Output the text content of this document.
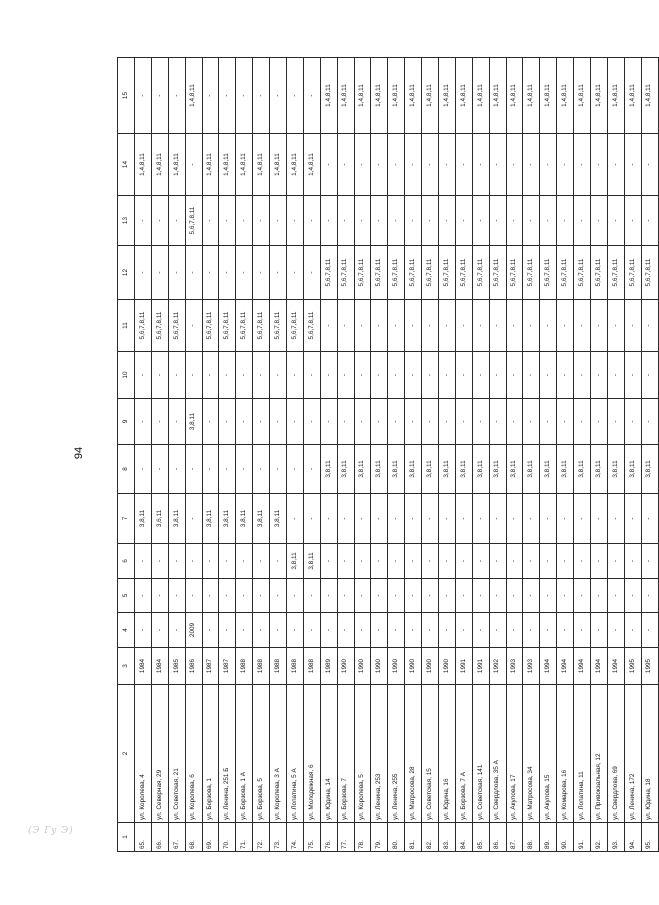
94
(Э Гу Э)
1	2	3	4	5	6	7	8	9	10	11	12	13	14	15
65.	ул. Королева, 4	1984	-	-	-	3,8,11	-	-	-	5,6,7,8,11	-	-	1,4,8,11	-
66.	ул. Северная, 29	1984	-	-	-	3,6,11	-	-	-	5,6,7,8,11	-	-	1,4,8,11	-
67.	ул. Советская, 21	1985	-	-	-	3,8,11	-	-	-	5,6,7,8,11	-	-	1,4,8,11	-
68.	ул. Королева, 6	1986	2009	-	-	-	-	3,8,11	-	-	-	5,6,7,8,11	-	1,4,8,11
69.	ул. Борзова, 1	1987	-	-	-	3,8,11	-	-	-	5,6,7,8,11	-	-	1,4,8,11	-
70.	ул. Ленина, 251 Б	1987	-	-	-	3,8,11	-	-	-	5,6,7,8,11	-	-	1,4,8,11	-
71.	ул. Борзова, 1 А	1988	-	-	-	3,8,11	-	-	-	5,6,7,8,11	-	-	1,4,8,11	-
72.	ул. Борзова, 5	1988	-	-	-	3,8,11	-	-	-	5,6,7,8,11	-	-	1,4,8,11	-
73.	ул. Королева, 3 А	1988	-	-	-	3,8,11	-	-	-	5,6,7,8,11	-	-	1,4,8,11	-
74.	ул. Лопатина, 5 А	1988	-	-	3,8,11	-	-	-	-	5,6,7,8,11	-	-	1,4,8,11	-
75.	ул. Молодежная, 6	1988	-	-	3,8,11	-	-	-	-	5,6,7,8,11	-	-	1,4,8,11	-
76.	ул. Юдина, 14	1989	-	-	-	-	3,8,11	-	-	-	5,6,7,8,11	-	-	1,4,8,11
77.	ул. Борзова, 7	1990	-	-	-	-	3,8,11	-	-	-	5,6,7,8,11	-	-	1,4,8,11
78.	ул. Королева, 5	1990	-	-	-	-	3,8,11	-	-	-	5,6,7,8,11	-	-	1,4,8,11
79.	ул. Ленина, 253	1990	-	-	-	-	3,8,11	-	-	-	5,6,7,8,11	-	-	1,4,8,11
80.	ул. Ленина, 255	1990	-	-	-	-	3,8,11	-	-	-	5,6,7,8,11	-	-	1,4,8,11
81.	ул. Матросова, 28	1990	-	-	-	-	3,8,11	-	-	-	5,6,7,8,11	-	-	1,4,8,11
82.	ул. Советская, 15	1990	-	-	-	-	3,8,11	-	-	-	5,6,7,8,11	-	-	1,4,8,11
83.	ул. Юдина, 16	1990	-	-	-	-	3,8,11	-	-	-	5,6,7,8,11	-	-	1,4,8,11
84.	ул. Борзова, 7 А	1991	-	-	-	-	3,8,11	-	-	-	5,6,7,8,11	-	-	1,4,8,11
85.	ул. Советская, 141	1991	-	-	-	-	3,8,11	-	-	-	5,6,7,8,11	-	-	1,4,8,11
86.	ул. Свердлова, 35 А	1992	-	-	-	-	3,8,11	-	-	-	5,6,7,8,11	-	-	1,4,8,11
87.	ул. Акулова, 17	1993	-	-	-	-	3,8,11	-	-	-	5,6,7,8,11	-	-	1,4,8,11
88.	ул. Матросова, 34	1993	-	-	-	-	3,8,11	-	-	-	5,6,7,8,11	-	-	1,4,8,11
89.	ул. Акулова, 15	1994	-	-	-	-	3,8,11	-	-	-	5,6,7,8,11	-	-	1,4,8,11
90.	ул. Комарова, 16	1994	-	-	-	-	3,8,11	-	-	-	5,6,7,8,11	-	-	1,4,8,11
91.	ул. Лопатина, 11	1994	-	-	-	-	3,8,11	-	-	-	5,6,7,8,11	-	-	1,4,8,11
92.	ул. Привокзальная, 12	1994	-	-	-	-	3,8,11	-	-	-	5,6,7,8,11	-	-	1,4,8,11
93.	ул. Свердлова, 69	1994	-	-	-	-	3,8,11	-	-	-	5,6,7,8,11	-	-	1,4,8,11
94.	ул. Ленина, 172	1995	-	-	-	-	3,8,11	-	-	-	5,6,7,8,11	-	-	1,4,8,11
95.	ул. Юдина, 18	1995	-	-	-	-	3,8,11	-	-	-	5,6,7,8,11	-	-	1,4,8,11
